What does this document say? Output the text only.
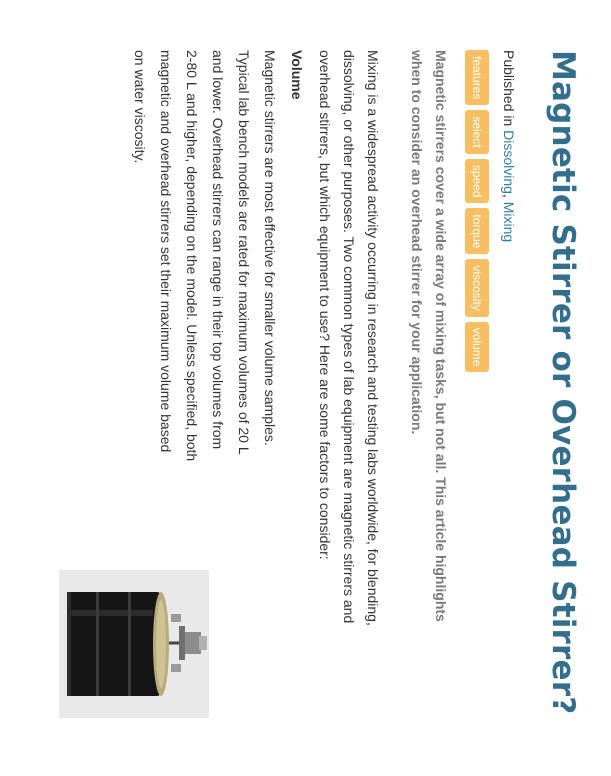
Magnetic Stirrer or Overhead Stirrer?
Published in Dissolving, Mixing
features
select
speed
torque
viscosity
volume

Magnetic stirrers cover a wide array of mixing tasks, but not all. This article highlights when to consider an overhead stirrer for your application.

Mixing is a widespread activity occurring in research and testing labs worldwide, for blending, dissolving, or other purposes. Two common types of lab equipment are magnetic stirrers and overhead stirrers, but which equipment to use? Here are some factors to consider:

Volume

Magnetic stirrers are most effective for smaller volume samples. Typical lab bench models are rated for maximum volumes of 20 L and lower. Overhead stirrers can range in their top volumes from 2-80 L and higher, depending on the model. Unless specified, both magnetic and overhead stirrers set their maximum volume based on water viscosity.
